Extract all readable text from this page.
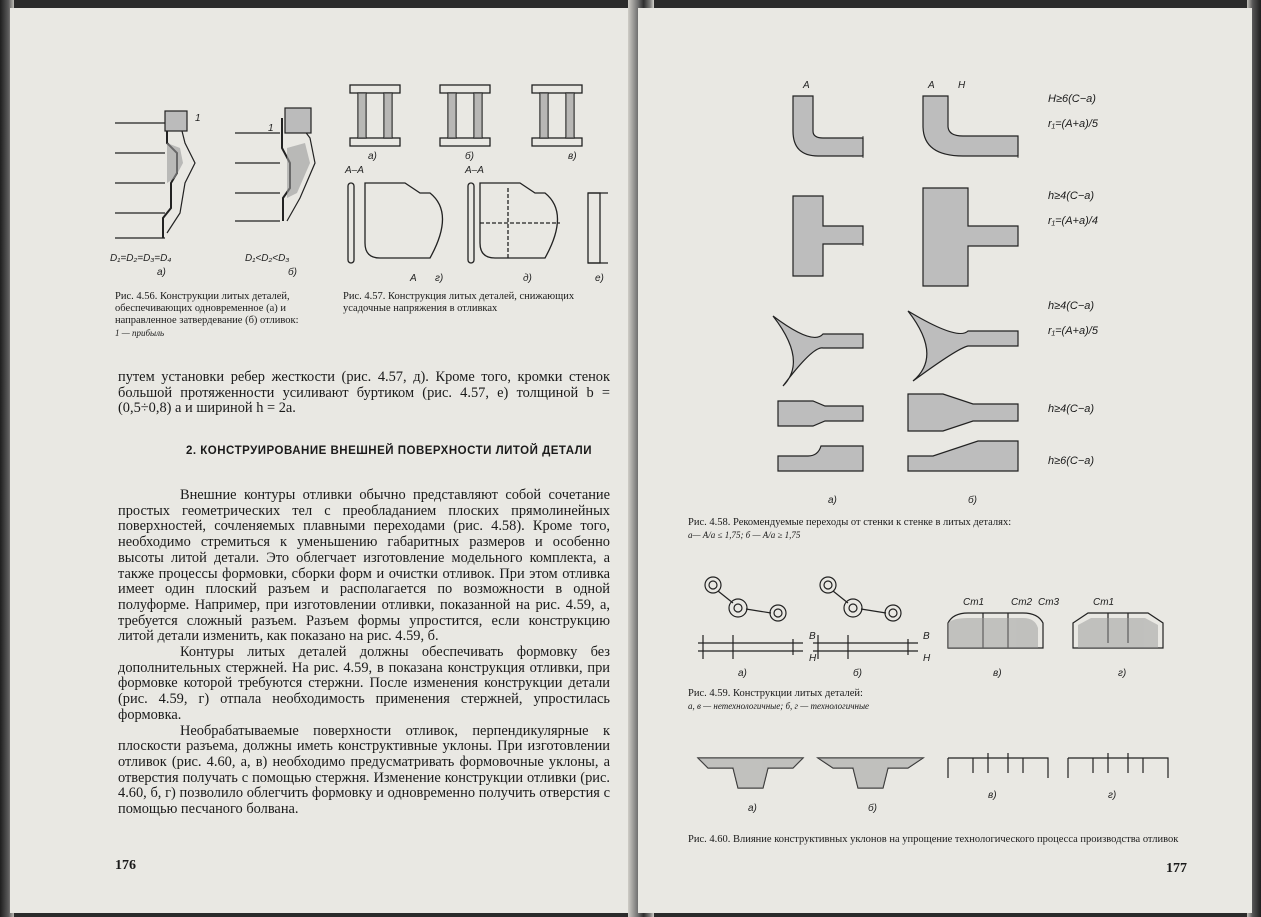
1
1
D₁=D₂=D₃=D₄	D₁<D₂<D₃
а)	б)
Рис. 4.56. Конструкции литых деталей, обеспечивающих одновременное (а) и направленное затвердевание (б) отливок:
1 — прибыль
а)	б)	в)
А–А	А–А
А г)	д)	е)
Рис. 4.57. Конструкция литых деталей, снижающих усадочные напряжения в отливках

путем установки ребер жесткости (рис. 4.57, д). Кроме того, кромки стенок большой протяженности усиливают буртиком (рис. 4.57, е) толщиной b = (0,5÷0,8) a и шириной h = 2a.

2. КОНСТРУИРОВАНИЕ ВНЕШНЕЙ ПОВЕРХНОСТИ ЛИТОЙ ДЕТАЛИ

Внешние контуры отливки обычно представляют собой сочетание простых геометрических тел с преобладанием плоских прямолинейных поверхностей, сочленяемых плавными переходами (рис. 4.58). Кроме того, необходимо стремиться к уменьшению габаритных размеров и особенно высоты литой детали. Это облегчает изготовление модельного комплекта, а также процессы формовки, сборки форм и очистки отливок. При этом отливка имеет один плоский разъем и располагается по возможности в одной полуформе. Например, при изготовлении отливки, показанной на рис. 4.59, а, требуется сложный разъем. Разъем формы упростится, если конструкцию литой детали изменить, как показано на рис. 4.59, б.

Контуры литых деталей должны обеспечивать формовку без дополнительных стержней. На рис. 4.59, в показана конструкция отливки, при формовке которой требуются стержни. После изменения конструкции детали (рис. 4.59, г) отпала необходимость применения стержней, упростилась формовка.

Необрабатываемые поверхности отливок, перпендикулярные к плоскости разъема, должны иметь конструктивные уклоны. При изготовлении отливок (рис. 4.60, а, в) необходимо предусматривать формовочные уклоны, а отверстия получать с помощью стержня. Изменение конструкции отливки (рис. 4.60, б, г) позволило облегчить формовку и одновременно получить отверстия с помощью песчаного болвана.

176
A	A H
а)	б)
H≥6(C−a)
r₁=(A+a)/5
h≥4(C−a)
r₁=(A+a)/4
h≥4(C−a)
r₁=(A+a)/5
h≥4(C−a)
h≥6(C−a)
Рис. 4.58. Рекомендуемые переходы от стенки к стенке в литых деталях:
а— A/a ≤ 1,75; б — A/a ≥ 1,75
Ст1	Ст2 Ст3	Ст1
B
H
B
H
а)	б)	в)	г)
Рис. 4.59. Конструкции литых деталей:
а, в — нетехнологичные; б, г — технологичные
а)	б)
в)	г)
Рис. 4.60. Влияние конструктивных уклонов на упрощение технологического процесса производства отливок
177
